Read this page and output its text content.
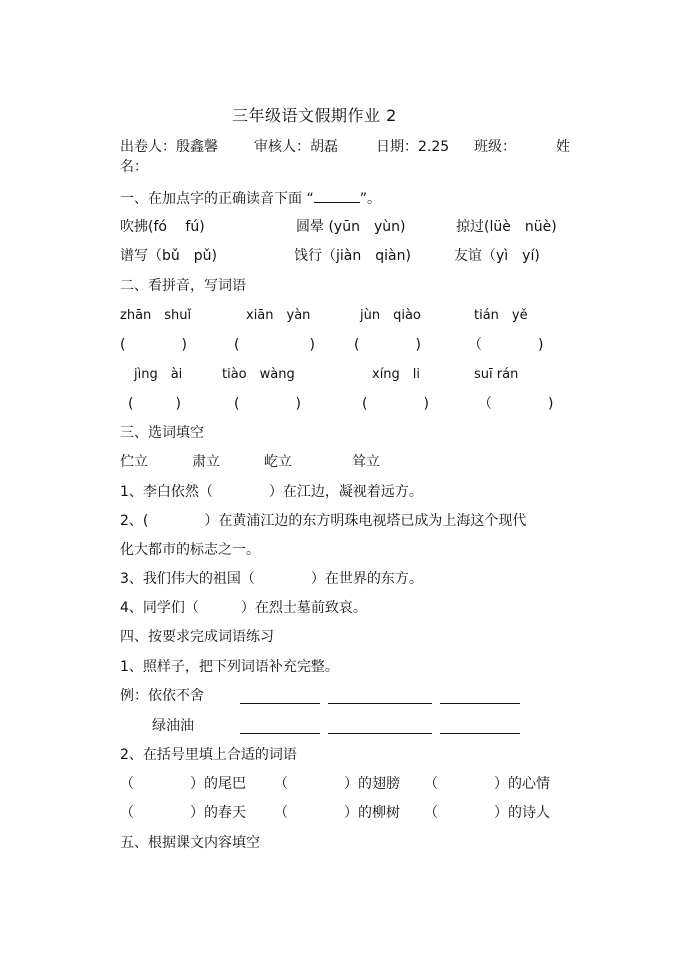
三年级语文假期作业 2
出卷人：殷鑫馨	审核人：胡磊	日期：2.25 班级：	姓
名：
一、在加点字的正确读音下面 “	”。
吹拂(fó　 fú)	圆晕 (yūn　yùn)	掠过(lüè　nüè)
谱写（bǔ　pǔ)	饯行（jiàn　qiàn)	友谊（yì　yí)
二、看拼音，写词语
zhān　shuǐ	xiān　yàn	jùn　qiào	tián　yě
(　　　　)	(　　　　　)	(　　　　)	（　　　　)
jìng　ài	tiào　wàng	xíng　li	suī rán
(　　　)	(　　　　)	(　　　　)	（　　　　)
三、选词填空
伫立	肃立	屹立	耸立
1、李白依然（　　　　）在江边，凝视着远方。
2、(　　　　）在黄浦江边的东方明珠电视塔已成为上海这个现代
化大都市的标志之一。
3、我们伟大的祖国（　　　　）在世界的东方。
4、同学们（　　　）在烈士墓前致哀。
四、按要求完成词语练习
1、照样子，把下列词语补充完整。
例：依依不舍
绿油油
2、在括号里填上合适的词语
（　　　　）的尾巴 （　　　　）的翅膀 （　　　　）的心情
（　　　　）的春天 （　　　　）的柳树 （　　　　）的诗人
五、根据课文内容填空
